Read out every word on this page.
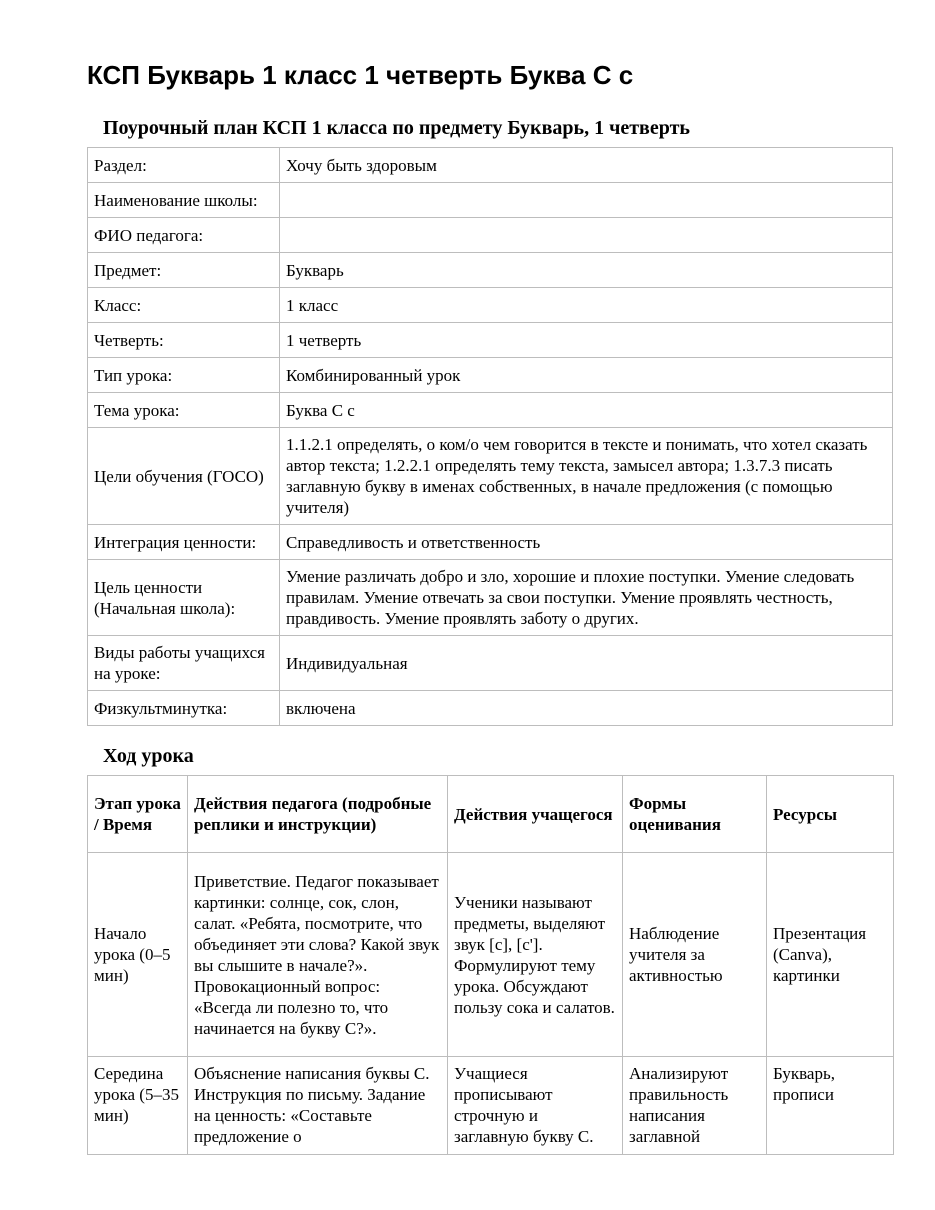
КСП Букварь 1 класс 1 четверть Буква С с
Поурочный план КСП 1 класса по предмету Букварь, 1 четверть
Раздел:	Хочу быть здоровым
Наименование школы:	
ФИО педагога:	
Предмет:	Букварь
Класс:	1 класс
Четверть:	1 четверть
Тип урока:	Комбинированный урок
Тема урока:	Буква С с
Цели обучения (ГОСО)	1.1.2.1 определять, о ком/о чем говорится в тексте и понимать, что хотел сказать автор текста; 1.2.2.1 определять тему текста, замысел автора; 1.3.7.3 писать заглавную букву в именах собственных, в начале предложения (с помощью учителя)
Интеграция ценности:	Справедливость и ответственность
Цель ценности (Начальная школа):	Умение различать добро и зло, хорошие и плохие поступки. Умение следовать правилам. Умение отвечать за свои поступки. Умение проявлять честность, правдивость. Умение проявлять заботу о других.
Виды работы учащихся на уроке:	Индивидуальная
Физкультминутка:	включена
Ход урока
Этап урока / Время	Действия педагога (подробные реплики и инструкции)	Действия учащегося	Формы оценивания	Ресурсы
Начало урока (0–5 мин)	Приветствие. Педагог показывает картинки: солнце, сок, слон, салат. «Ребята, посмотрите, что объединяет эти слова? Какой звук вы слышите в начале?». Провокационный вопрос: «Всегда ли полезно то, что начинается на букву С?».	Ученики называют предметы, выделяют звук [с], [с']. Формулируют тему урока. Обсуждают пользу сока и салатов.	Наблюдение учителя за активностью	Презентация (Canva), картинки
Середина урока (5–35 мин)	Объяснение написания буквы С. Инструкция по письму. Задание на ценность: «Составьте предложение о	Учащиеся прописывают строчную и заглавную букву С.	Анализируют правильность написания заглавной	Букварь, прописи
